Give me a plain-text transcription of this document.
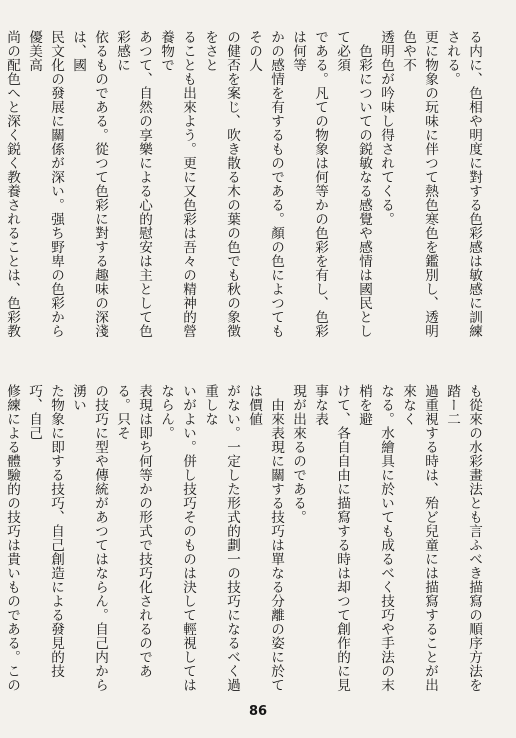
る内に、色相や明度に對する色彩感は敏感に訓練される。
更に物象の玩味に伴つて熱色寒色を鑑別し、透明色や不
透明色が吟味し得されてくる。
　色彩についての鋭敏なる感覺や感情は國民として必須
である。凡ての物象は何等かの色彩を有し、色彩は何等
かの感情を有するものである。顏の色によつてもその人
の健否を案じ、吹き散る木の葉の色でも秋の象徴をさと
ることも出來よう。更に又色彩は吾々の精神的營養物で
あつて、自然の享樂による心的慰安は主として色彩感に
依るものである。從つて色彩に對する趣味の深淺は、國
民文化の發展に關係が深い。强ち野卑の色彩から優美高
尚の配色へと深く鋭く教養されることは、色彩教

も從來の水彩畫法とも言ふべき描寫の順序方法を踏ー二
過重視する時は、殆ど兒童には描寫することが出來なく
なる。水繪具に於いても成るべく技巧や手法の末梢を避
けて、各自自由に描寫する時は却つて創作的に見事な表
現が出來るのである。
　由來表現に關する技巧は單なる分離の姿に於ては價値
がない。一定した形式的劃一の技巧になるべく過重しな
いがよい。併し技巧そのものは決して輕視してはならん。
表現は即ち何等かの形式で技巧化されるのである。只そ
の技巧に型や傳統があつてはならん。自己内から湧い
た物象に即する技巧、自己創造による發見的技巧、自己
修練による體驗的の技巧は貴いものである。この

86
